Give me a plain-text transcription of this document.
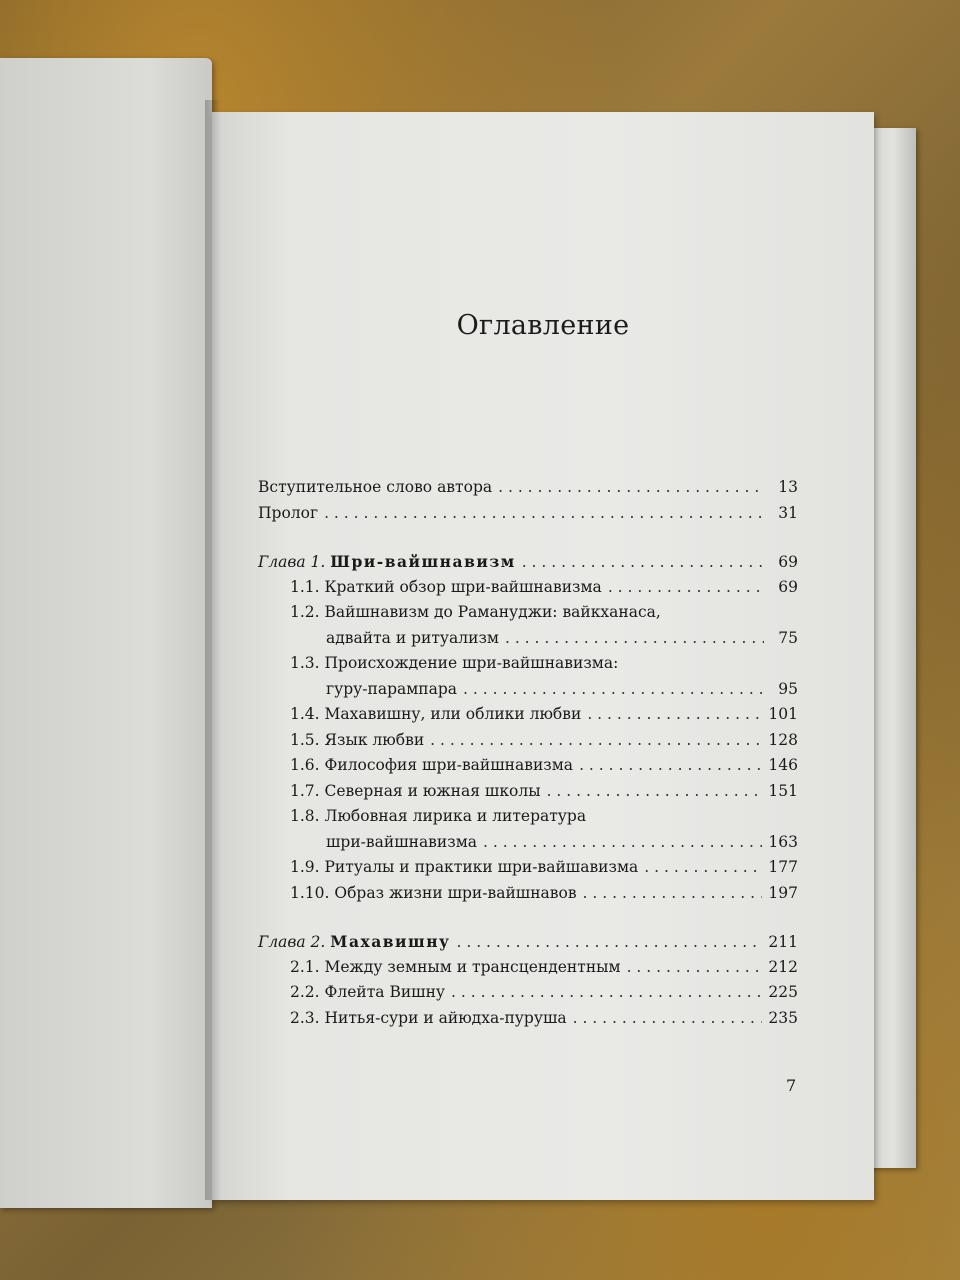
Оглавление
Вступительное слово автора . . .	13
Пролог . . .	31
Глава 1.
Шри-вайшнавизм . . .	69
1.1. Краткий обзор шри-вайшнавизма . . .	69
1.2. Вайшнавизм до Рамануджи: вайкханаса,
адвайта и ритуализм . . .	75
1.3. Происхождение шри-вайшнавизма:
гуру-парампара . . .	95
1.4. Махавишну, или облики любви . . .	101
1.5. Язык любви . . .	128
1.6. Философия шри-вайшнавизма . . .	146
1.7. Северная и южная школы . . .	151
1.8. Любовная лирика и литература
шри-вайшнавизма . . .	163
1.9. Ритуалы и практики шри-вайшавизма . . .	177
1.10. Образ жизни шри-вайшнавов . . .	197
Глава 2.
Махавишну . . .	211
2.1. Между земным и трансцендентным . . .	212
2.2. Флейта Вишну . . .	225
2.3. Нитья-сури и айюдха-пуруша . . .	235
7
